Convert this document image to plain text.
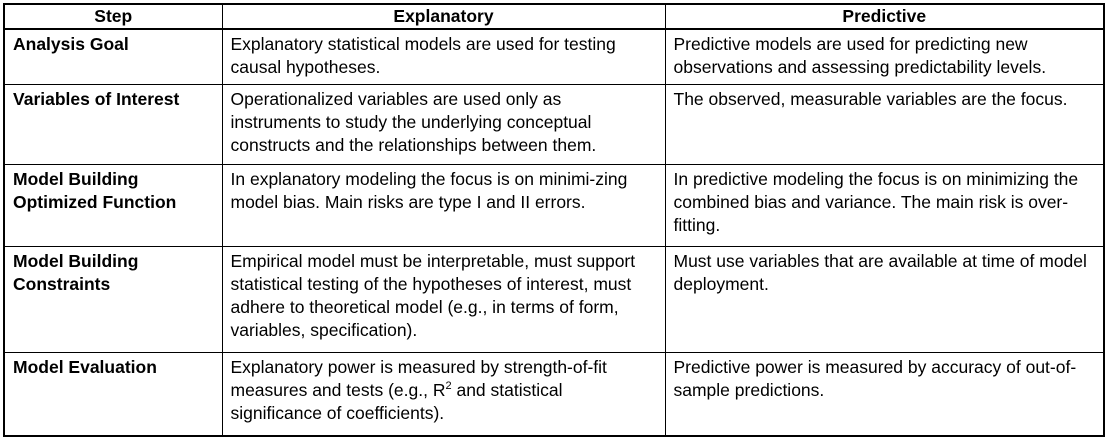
Step	Explanatory	Predictive
Analysis Goal	Explanatory statistical models are used for testing causal hypotheses.	Predictive models are used for predicting new observations and assessing predictability levels.
Variables of Interest	Operationalized variables are used only as instruments to study the underlying conceptual constructs and the relationships between them.	The observed, measurable variables are the focus.
Model Building Optimized Function	In explanatory modeling the focus is on minimi-zing model bias. Main risks are type I and II errors.	In predictive modeling the focus is on minimizing the combined bias and variance. The main risk is over-fitting.
Model Building Constraints	Empirical model must be interpretable, must support statistical testing of the hypotheses of interest, must adhere to theoretical model (e.g., in terms of form, variables, specification).	Must use variables that are available at time of model deployment.
Model Evaluation	Explanatory power is measured by strength-of-fit measures and tests (e.g., $R^2$ and statistical significance of coefficients).	Predictive power is measured by accuracy of out-of-sample predictions.
